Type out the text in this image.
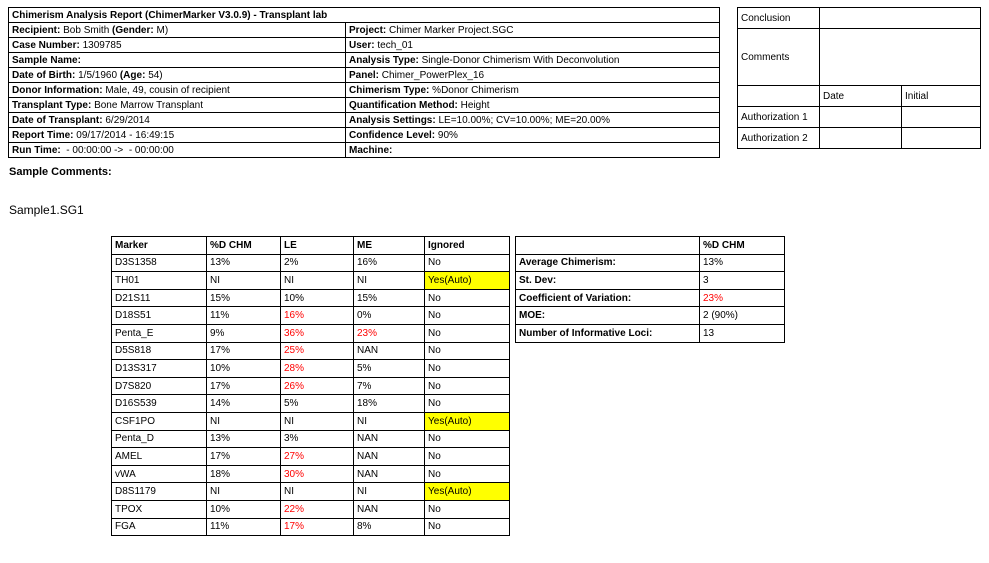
Chimerism Analysis Report (ChimerMarker V3.0.9) - Transplant lab	
Recipient: Bob Smith (Gender: M)	Project: Chimer Marker Project.SGC
Case Number: 1309785	User: tech_01
Sample Name:	Analysis Type: Single-Donor Chimerism With Deconvolution
Date of Birth: 1/5/1960 (Age: 54)	Panel: Chimer_PowerPlex_16
Donor Information: Male, 49, cousin of recipient	Chimerism Type: %Donor Chimerism
Transplant Type: Bone Marrow Transplant	Quantification Method: Height
Date of Transplant: 6/29/2014	Analysis Settings: LE=10.00%; CV=10.00%; ME=20.00%
Report Time: 09/17/2014 - 16:49:15	Confidence Level: 90%
Run Time:  - 00:00:00 ->  - 00:00:00	Machine:
Conclusion		
Comments		
	Date	Initial
Authorization 1		
Authorization 2		
Sample Comments:
Sample1.SG1
Marker	%D CHM	LE	ME	Ignored
D3S1358	13%	2%	16%	No
TH01	NI	NI	NI	Yes(Auto)
D21S11	15%	10%	15%	No
D18S51	11%	16%	0%	No
Penta_E	9%	36%	23%	No
D5S818	17%	25%	NAN	No
D13S317	10%	28%	5%	No
D7S820	17%	26%	7%	No
D16S539	14%	5%	18%	No
CSF1PO	NI	NI	NI	Yes(Auto)
Penta_D	13%	3%	NAN	No
AMEL	17%	27%	NAN	No
vWA	18%	30%	NAN	No
D8S1179	NI	NI	NI	Yes(Auto)
TPOX	10%	22%	NAN	No
FGA	11%	17%	8%	No
	%D CHM
Average Chimerism:	13%
St. Dev:	3
Coefficient of Variation:	23%
MOE:	2 (90%)
Number of Informative Loci:	13
